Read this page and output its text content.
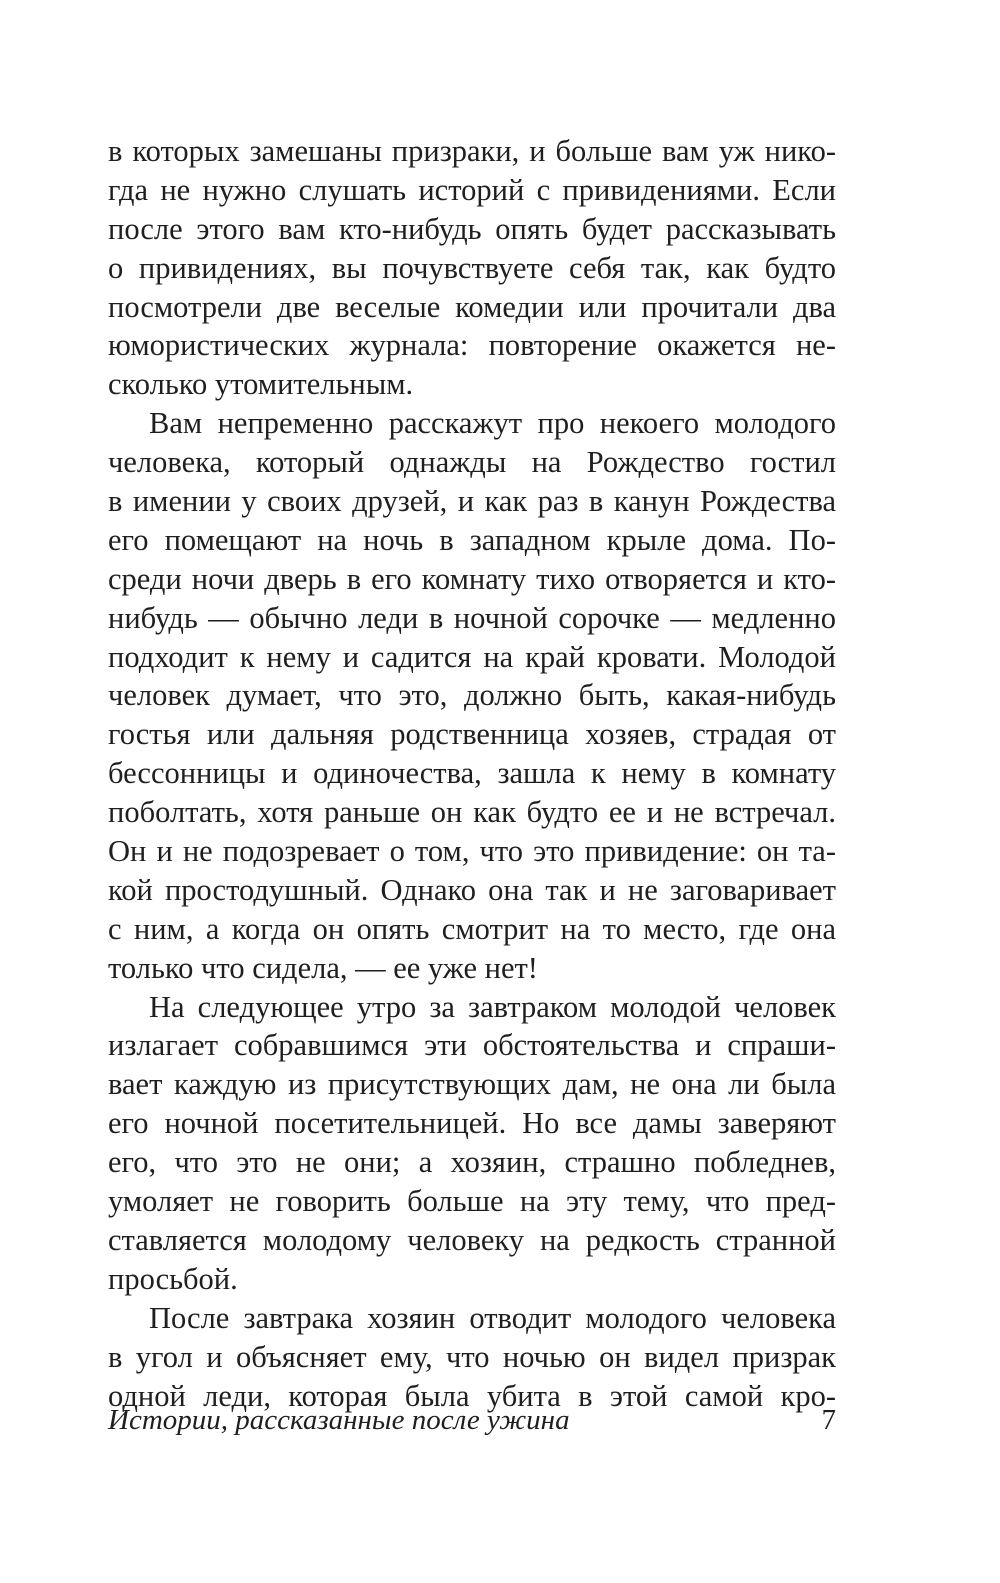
в которых замешаны призраки, и больше вам уж нико-
гда не нужно слушать историй с привидениями. Если
после этого вам кто-нибудь опять будет рассказывать
о привидениях, вы почувствуете себя так, как будто
посмотрели две веселые комедии или прочитали два
юмористических журнала: повторение окажется не-
сколько утомительным.
Вам непременно расскажут про некоего молодого
человека, который однажды на Рождество гостил
в имении у своих друзей, и как раз в канун Рождества
его помещают на ночь в западном крыле дома. По-
среди ночи дверь в его комнату тихо отворяется и кто-
нибудь — обычно леди в ночной сорочке — медленно
подходит к нему и садится на край кровати. Молодой
человек думает, что это, должно быть, какая-нибудь
гостья или дальняя родственница хозяев, страдая от
бессонницы и одиночества, зашла к нему в комнату
поболтать, хотя раньше он как будто ее и не встречал.
Он и не подозревает о том, что это привидение: он та-
кой простодушный. Однако она так и не заговаривает
с ним, а когда он опять смотрит на то место, где она
только что сидела, — ее уже нет!
На следующее утро за завтраком молодой человек
излагает собравшимся эти обстоятельства и спраши-
вает каждую из присутствующих дам, не она ли была
его ночной посетительницей. Но все дамы заверяют
его, что это не они; а хозяин, страшно побледнев,
умоляет не говорить больше на эту тему, что пред-
ставляется молодому человеку на редкость странной
просьбой.
После завтрака хозяин отводит молодого человека
в угол и объясняет ему, что ночью он видел призрак
одной леди, которая была убита в этой самой кро-
Истории, рассказанные после ужина	7
